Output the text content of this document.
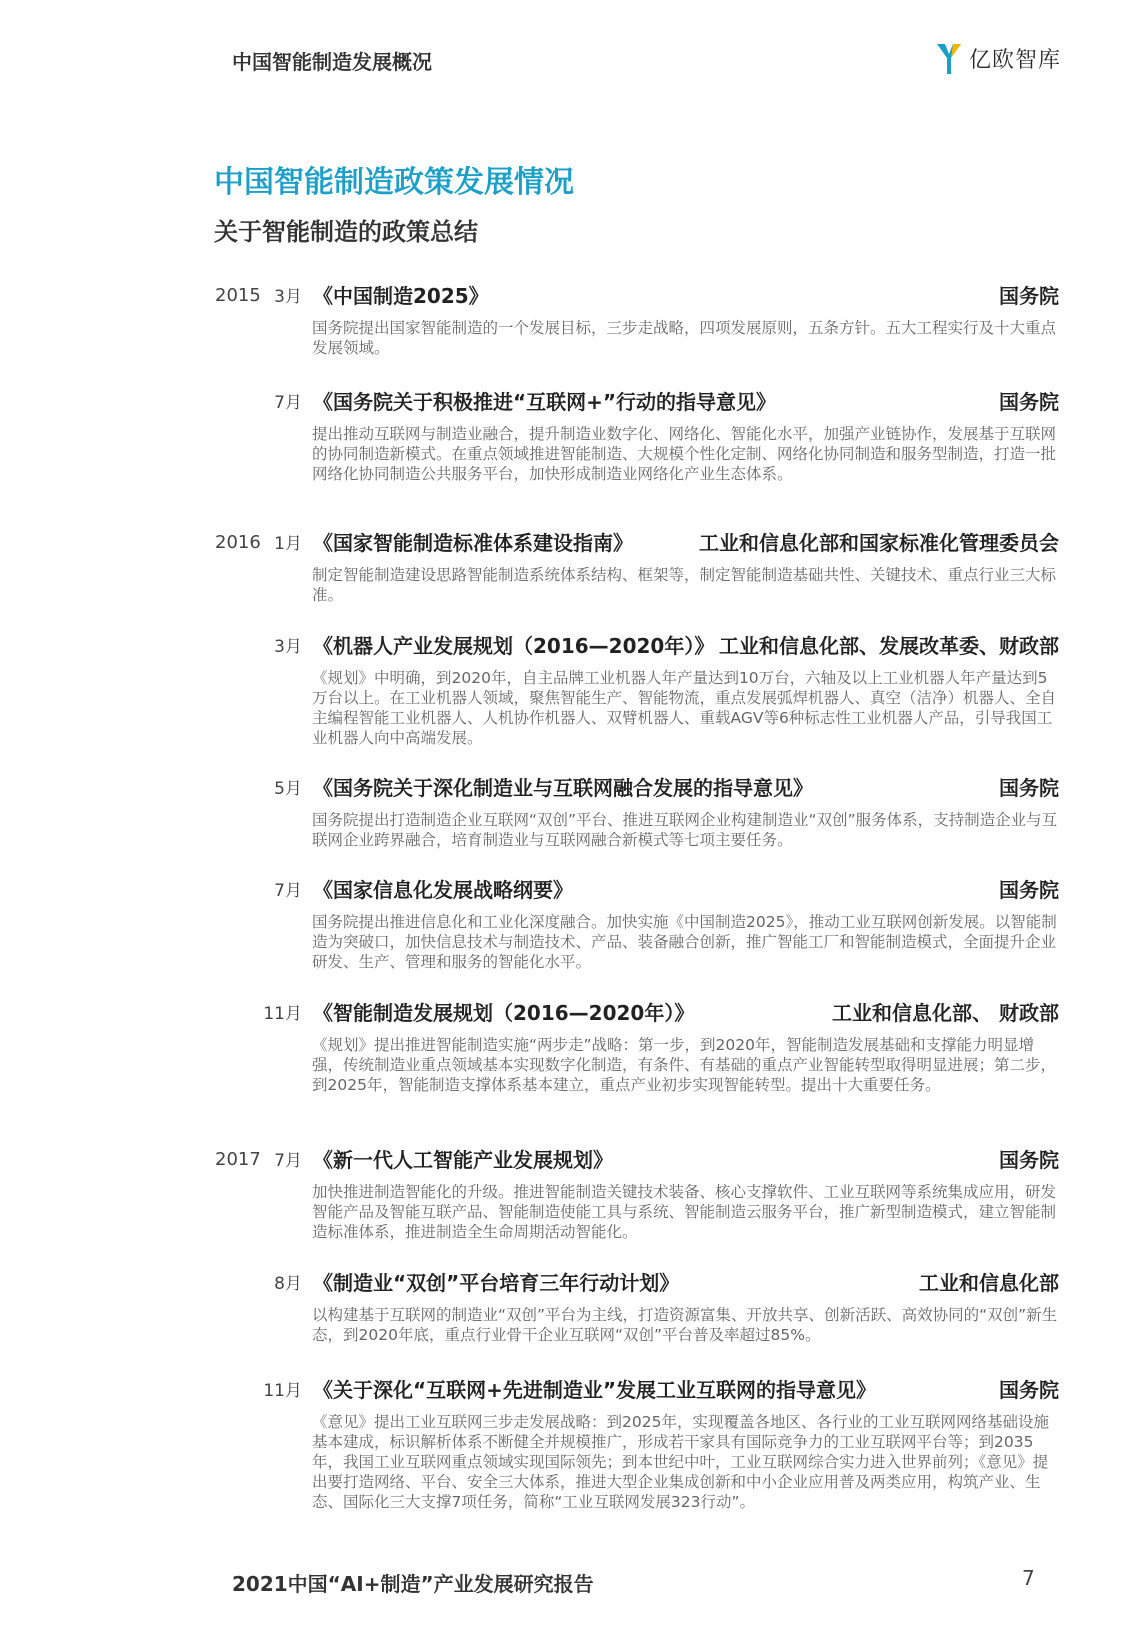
中国智能制造发展概况	亿欧智库
中国智能制造政策发展情况
关于智能制造的政策总结
2015 3月 《中国制造2025》	国务院
国务院提出国家智能制造的一个发展目标，三步走战略，四项发展原则，五条方针。五大工程实行及十大重点发展领域。
7月 《国务院关于积极推进“互联网+”行动的指导意见》	国务院
提出推动互联网与制造业融合，提升制造业数字化、网络化、智能化水平，加强产业链协作，发展基于互联网的协同制造新模式。在重点领域推进智能制造、大规模个性化定制、网络化协同制造和服务型制造，打造一批网络化协同制造公共服务平台，加快形成制造业网络化产业生态体系。
2016 1月 《国家智能制造标准体系建设指南》	工业和信息化部和国家标准化管理委员会
制定智能制造建设思路智能制造系统体系结构、框架等，制定智能制造基础共性、关键技术、重点行业三大标准。
3月 《机器人产业发展规划（2016—2020年）》 工业和信息化部、发展改革委、财政部
《规划》中明确，到2020年，自主品牌工业机器人年产量达到10万台，六轴及以上工业机器人年产量达到5万台以上。在工业机器人领域，聚焦智能生产、智能物流，重点发展弧焊机器人、真空（洁净）机器人、全自主编程智能工业机器人、人机协作机器人、双臂机器人、重载AGV等6种标志性工业机器人产品，引导我国工业机器人向中高端发展。
5月 《国务院关于深化制造业与互联网融合发展的指导意见》	国务院
国务院提出打造制造企业互联网“双创”平台、推进互联网企业构建制造业“双创”服务体系，支持制造企业与互联网企业跨界融合，培育制造业与互联网融合新模式等七项主要任务。
7月 《国家信息化发展战略纲要》	国务院
国务院提出推进信息化和工业化深度融合。加快实施《中国制造2025》，推动工业互联网创新发展。以智能制造为突破口，加快信息技术与制造技术、产品、装备融合创新，推广智能工厂和智能制造模式，全面提升企业研发、生产、管理和服务的智能化水平。
11月 《智能制造发展规划（2016—2020年）》	工业和信息化部、 财政部
《规划》提出推进智能制造实施“两步走”战略：第一步，到2020年，智能制造发展基础和支撑能力明显增强，传统制造业重点领域基本实现数字化制造，有条件、有基础的重点产业智能转型取得明显进展；第二步，到2025年，智能制造支撑体系基本建立，重点产业初步实现智能转型。提出十大重要任务。
2017 7月 《新一代人工智能产业发展规划》	国务院
加快推进制造智能化的升级。推进智能制造关键技术装备、核心支撑软件、工业互联网等系统集成应用，研发智能产品及智能互联产品、智能制造使能工具与系统、智能制造云服务平台，推广新型制造模式，建立智能制造标准体系，推进制造全生命周期活动智能化。
8月 《制造业“双创”平台培育三年行动计划》	工业和信息化部
以构建基于互联网的制造业“双创”平台为主线，打造资源富集、开放共享、创新活跃、高效协同的“双创”新生态，到2020年底，重点行业骨干企业互联网“双创”平台普及率超过85%。
11月 《关于深化“互联网+先进制造业”发展工业互联网的指导意见》	国务院
《意见》提出工业互联网三步走发展战略：到2025年，实现覆盖各地区、各行业的工业互联网网络基础设施基本建成，标识解析体系不断健全并规模推广，形成若干家具有国际竞争力的工业互联网平台等；到2035年，我国工业互联网重点领域实现国际领先；到本世纪中叶，工业互联网综合实力进入世界前列；《意见》提出要打造网络、平台、安全三大体系，推进大型企业集成创新和中小企业应用普及两类应用，构筑产业、生态、国际化三大支撑7项任务，简称“工业互联网发展323行动”。
2021中国“AI+制造”产业发展研究报告	7
